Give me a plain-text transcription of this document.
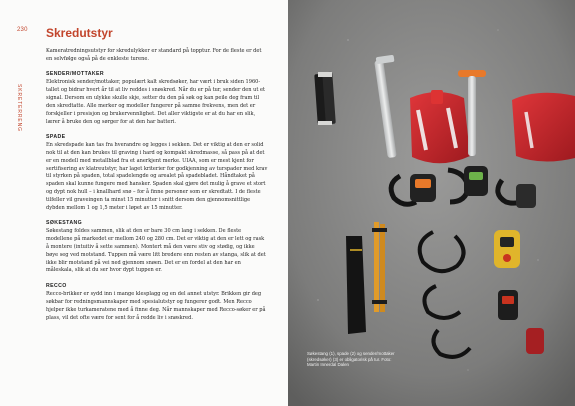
230
SKRETERRENG
Skredutstyr

Kameratredningsutstyr for skredulykker er standard på topptur. For de fleste er det en selvfølge også på de enkleste turene.

SENDER/MOTTAKER

Elektronisk sender/mottaker, populært kalt skredsøker, har vært i bruk siden 1960-tallet og bidrar hvert år til at liv reddes i snøskred. Når du er på tur, sender den ut et signal. Dersom en ulykke skulle skje, setter du den på søk og kan peile deg fram til den skredtatte. Alle merker og modeller fungerer på samme frekvens, men det er forskjeller i presisjon og brukervennlighet. Det aller viktigste er at du har en slik, lærer å bruke den og sørger for at den har batteri.

SPADE

En skredspade kan tas fra hverandre og legges i sekken. Det er viktig at den er solid nok til at den kan brukes til graving i hard og kompakt skredmasse, så pass på at det er en modell med metallblad fra et anerkjent merke. UIAA, som er mest kjent for sertifisering av klatreutstyr, har laget kriterier for godkjenning av turspader med krav til styrken på spaden, total spadelengde og arealet på spadebladet. Håndtaket på spaden skal kunne fungere med hansker. Spaden skal gjøre det mulig å grave et stort og dypt nok hull – i knallhard snø – for å finne personer som er skredtatt. I de fleste tilfeller vil graveingen ta minst 15 minutter i snitt dersom den gjennomsnittlige dybden mellom 1 og 1,5 meter i løpet av 15 minutter.

SØKESTANG

Søkestang foldes sammen, slik at den er bare 30 cm lang i sekken. De fleste modellene på markedet er mellom 240 og 280 cm. Det er viktig at den er lett og rask å montere (intuitiv å sette sammen). Montert må den være stiv og stødig, og ikke bøye seg ved motstand. Tuppen må være litt bredere enn resten av stanga, slik at det ikke blir motstand på vei ned gjennom snøen. Det er en fordel at den har en måleskala, slik at du ser hvor dypt tuppen er.

RECCO

Recco-brikker er sydd inn i mange klesplagg og en del annet utstyr. Brikken gir deg søkbar for redningsmannskaper med spesialutstyr og fungerer godt. Men Recco hjelper ikke turkameratene med å finne deg. Når mannskaper med Recco-søker er på plass, vil det ofte være for sent for å redde liv i snøskred.

Søkestang (1), spade (2) og sender/mottaker (skredsøker) (3) er obligatorisk på tur. Foto: Martin Innerdal Dalen
